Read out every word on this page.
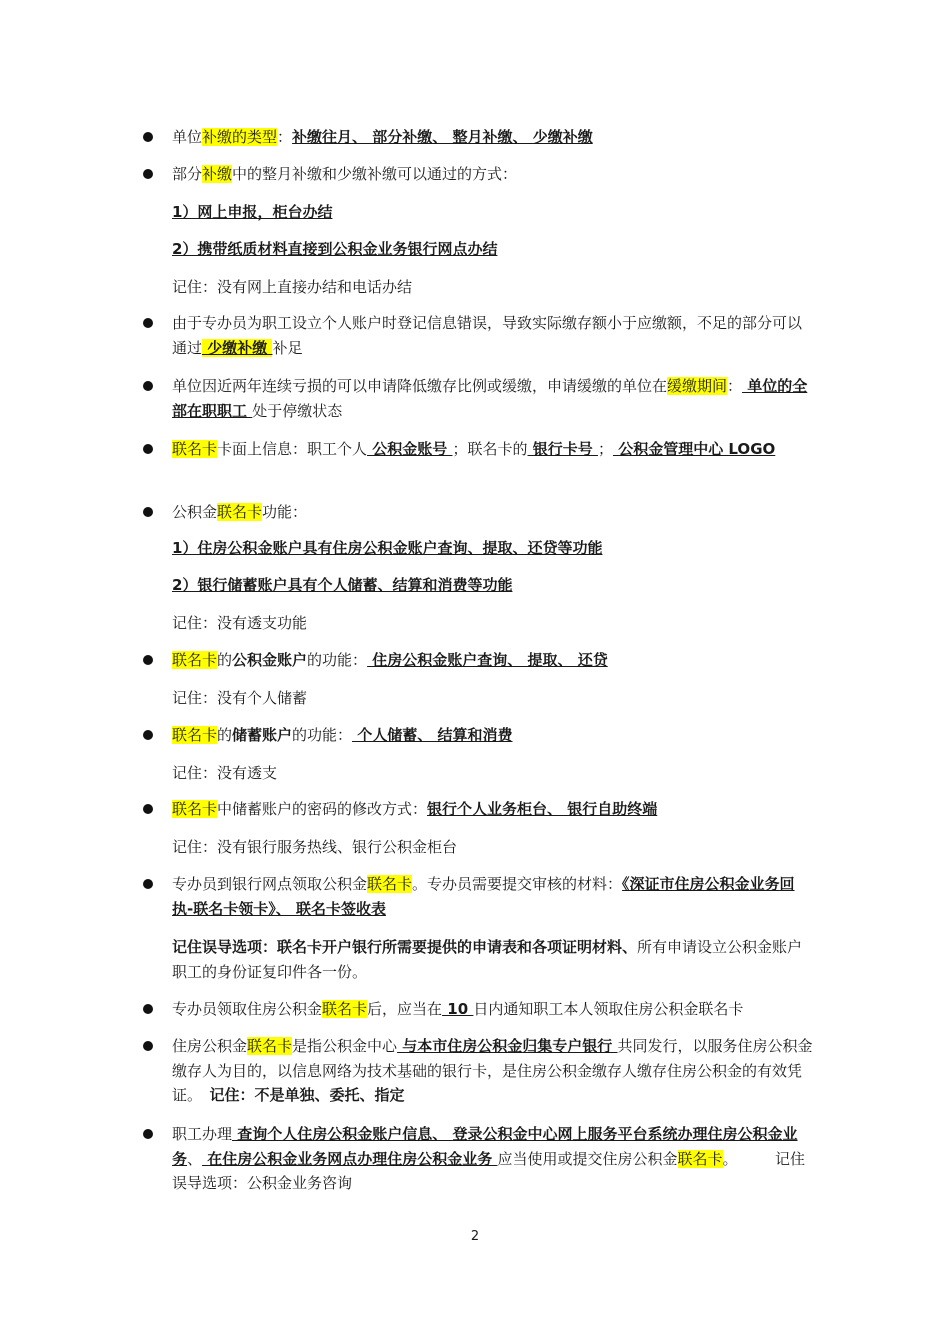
单位补缴的类型：补缴往月、 部分补缴、 整月补缴、 少缴补缴
部分补缴中的整月补缴和少缴补缴可以通过的方式：
1）网上申报，柜台办结
2）携带纸质材料直接到公积金业务银行网点办结
记住：没有网上直接办结和电话办结
由于专办员为职工设立个人账户时登记信息错误，导致实际缴存额小于应缴额，不足的部分可以通过 少缴补缴 补足
单位因近两年连续亏损的可以申请降低缴存比例或缓缴，申请缓缴的单位在缓缴期间： 单位的全部在职职工 处于停缴状态
联名卡卡面上信息：职工个人 公积金账号 ；联名卡的 银行卡号 ； 公积金管理中心 LOGO
公积金联名卡功能：
1）住房公积金账户具有住房公积金账户查询、提取、还贷等功能
2）银行储蓄账户具有个人储蓄、结算和消费等功能
记住：没有透支功能
联名卡的公积金账户的功能： 住房公积金账户查询、 提取、 还贷
记住：没有个人储蓄
联名卡的储蓄账户的功能： 个人储蓄、 结算和消费
记住：没有透支
联名卡中储蓄账户的密码的修改方式：银行个人业务柜台、 银行自助终端
记住：没有银行服务热线、银行公积金柜台
专办员到银行网点领取公积金联名卡。专办员需要提交审核的材料：《深证市住房公积金业务回执-联名卡领卡》、 联名卡签收表
记住误导选项：联名卡开户银行所需要提供的申请表和各项证明材料、所有申请设立公积金账户职工的身份证复印件各一份。
专办员领取住房公积金联名卡后，应当在 10 日内通知职工本人领取住房公积金联名卡
住房公积金联名卡是指公积金中心 与本市住房公积金归集专户银行 共同发行，以服务住房公积金缴存人为目的，以信息网络为技术基础的银行卡，是住房公积金缴存人缴存住房公积金的有效凭证。　 记住：不是单独、委托、指定
职工办理 查询个人住房公积金账户信息、 登录公积金中心网上服务平台系统办理住房公积金业务、 在住房公积金业务网点办理住房公积金业务 应当使用或提交住房公积金联名卡。　　　	记住误导选项：公积金业务咨询
2
